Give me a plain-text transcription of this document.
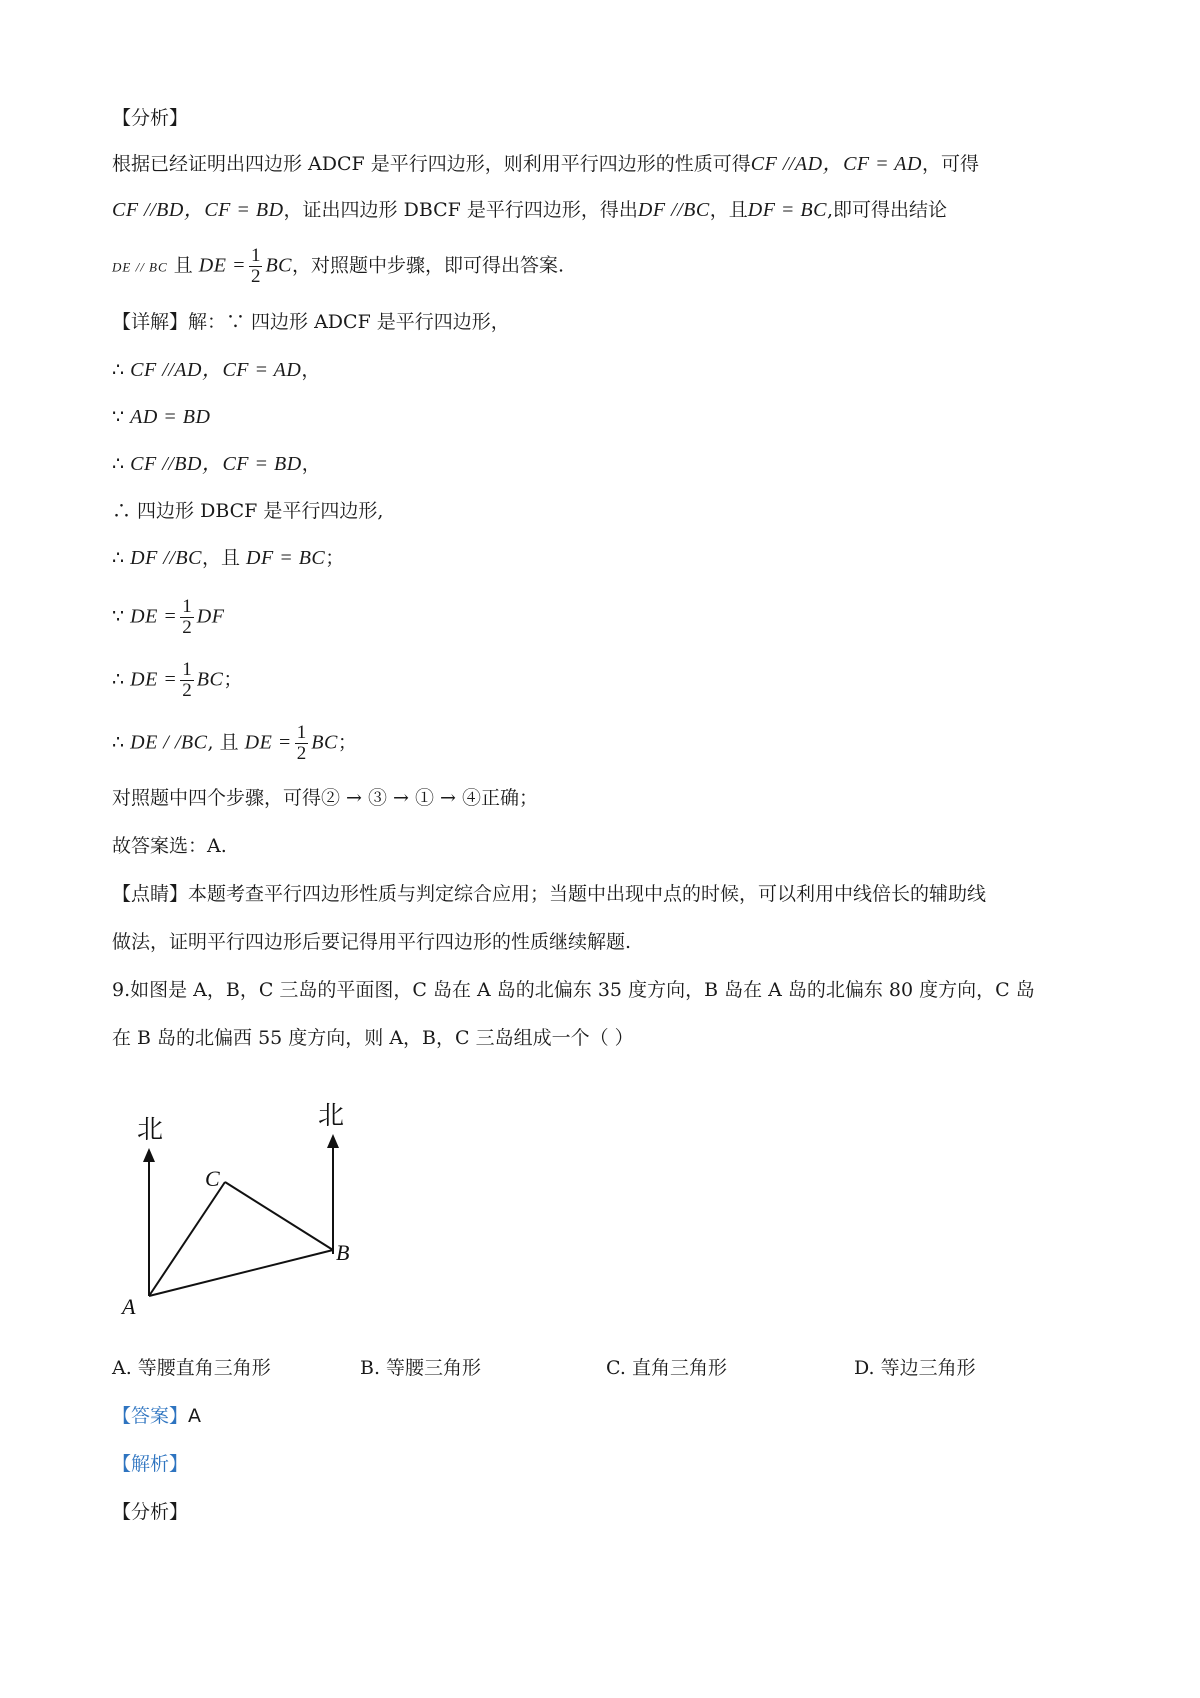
【分析】
根据已经证明出四边形 ADCF 是平行四边形，则利用平行四边形的性质可得CF //AD，CF = AD，可得
CF //BD，CF = BD，证出四边形 DBCF 是平行四边形，得出DF //BC，且DF = BC,即可得出结论
DE // BC 且 DE = $\frac{1}{2}$ BC，对照题中步骤，即可得出答案.
【详解】解：∵ 四边形 ADCF 是平行四边形，
∴ CF //AD，CF = AD，
∵ AD = BD
∴ CF //BD，CF = BD，
∴ 四边形 DBCF 是平行四边形,
∴ DF //BC，且 DF = BC；
∵ DE = $\frac{1}{2}$ DF
∴ DE = $\frac{1}{2}$ BC；
∴ DE / /BC, 且 DE = $\frac{1}{2}$ BC；
对照题中四个步骤，可得② → ③ → ① → ④正确；
故答案选：A.
【点睛】本题考查平行四边形性质与判定综合应用；当题中出现中点的时候，可以利用中线倍长的辅助线
做法，证明平行四边形后要记得用平行四边形的性质继续解题.
9.如图是 A，B，C 三岛的平面图，C 岛在 A 岛的北偏东 35 度方向，B 岛在 A 岛的北偏东 80 度方向，C 岛
在 B 岛的北偏西 55 度方向，则 A，B，C 三岛组成一个（ ）
北	北
C
B
A
A. 等腰直角三角形	B. 等腰三角形	C. 直角三角形	D. 等边三角形
【答案】A
【解析】
【分析】
